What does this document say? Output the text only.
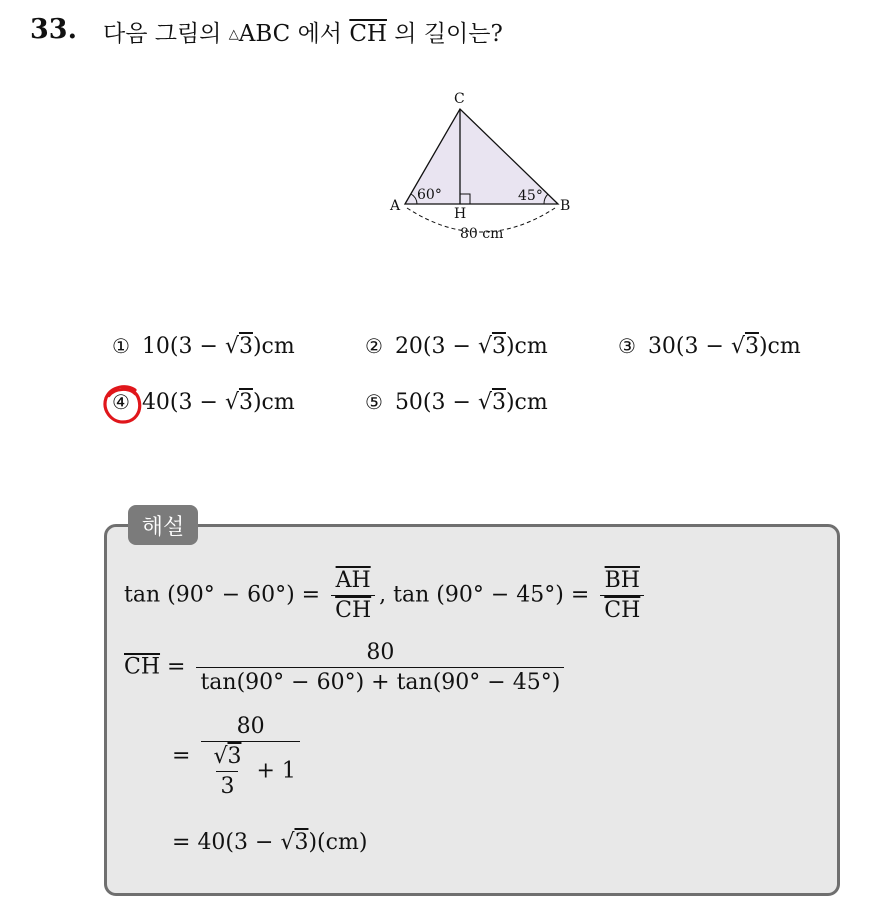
33. 다음 그림의 △ABC 에서 $\overline{CH}$ 의 길이는?
C
A	B
H
60°	45°
80 cm
① 10(3 − √3)cm	② 20(3 − √3)cm	③ 30(3 − √3)cm
④ 40(3 − √3)cm	⑤ 50(3 − √3)cm
해설
$\tan (90^\circ - 60^\circ) = \frac{\overline{AH}}{CH}$ , $\tan (90^\circ - 45^\circ) = \frac{\overline{BH}}{CH}$
$\overline{CH} = \frac{80}{\tan(90^\circ - 60^\circ) + \tan(90^\circ - 45^\circ)}$
= $\frac{80}{\frac{√3}{3} + 1}$
= 40(3 − √3)(cm)
